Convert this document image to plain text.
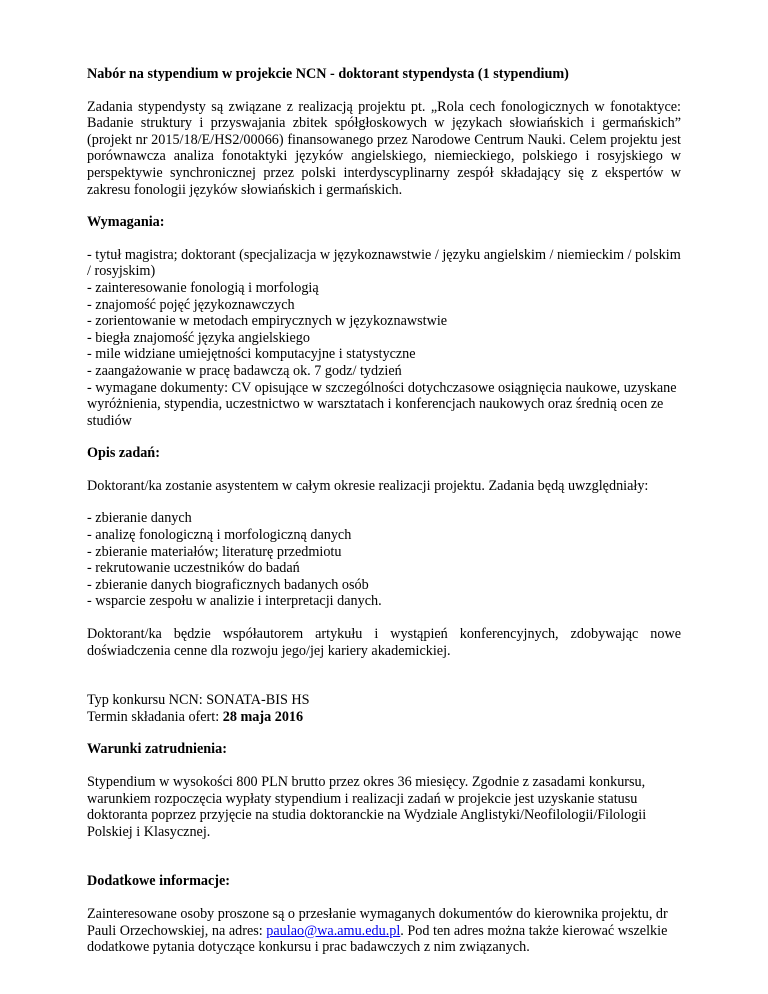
Nabór na stypendium w projekcie NCN - doktorant stypendysta (1 stypendium)

Zadania stypendysty są związane z realizacją projektu pt. „Rola cech fonologicznych w fonotaktyce: Badanie struktury i przyswajania zbitek spółgłoskowych w językach słowiańskich i germańskich” (projekt nr 2015/18/E/HS2/00066) finansowanego przez Narodowe Centrum Nauki. Celem projektu jest porównawcza analiza fonotaktyki języków angielskiego, niemieckiego, polskiego i rosyjskiego w perspektywie synchronicznej przez polski interdyscyplinarny zespół składający się z ekspertów w zakresu fonologii języków słowiańskich i germańskich.

Wymagania:

- tytuł magistra; doktorant (specjalizacja w językoznawstwie / języku angielskim / niemieckim / polskim / rosyjskim)

- zainteresowanie fonologią i morfologią

- znajomość pojęć językoznawczych

- zorientowanie w metodach empirycznych w językoznawstwie

- biegła znajomość języka angielskiego

- mile widziane umiejętności komputacyjne i statystyczne

- zaangażowanie w pracę badawczą ok. 7 godz/ tydzień

- wymagane dokumenty: CV opisujące w szczególności dotychczasowe osiągnięcia naukowe, uzyskane wyróżnienia, stypendia, uczestnictwo w warsztatach i konferencjach naukowych oraz średnią ocen ze studiów

Opis zadań:

Doktorant/ka zostanie asystentem w całym okresie realizacji projektu. Zadania będą uwzględniały:

- zbieranie danych

- analizę fonologiczną i morfologiczną danych

- zbieranie materiałów; literaturę przedmiotu

- rekrutowanie uczestników do badań

- zbieranie danych biograficznych badanych osób

- wsparcie zespołu w analizie i interpretacji danych.

Doktorant/ka będzie współautorem artykułu i wystąpień konferencyjnych, zdobywając nowe doświadczenia cenne dla rozwoju jego/jej kariery akademickiej.

Typ konkursu NCN: SONATA-BIS HS

Termin składania ofert: 28 maja 2016

Warunki zatrudnienia:

Stypendium w wysokości 800 PLN brutto przez okres 36 miesięcy. Zgodnie z zasadami konkursu, warunkiem rozpoczęcia wypłaty stypendium i realizacji zadań w projekcie jest uzyskanie statusu doktoranta poprzez przyjęcie na studia doktoranckie na Wydziale Anglistyki/Neofilologii/Filologii Polskiej i Klasycznej.

Dodatkowe informacje:

Zainteresowane osoby proszone są o przesłanie wymaganych dokumentów do kierownika projektu, dr Pauli Orzechowskiej, na adres: paulao@wa.amu.edu.pl. Pod ten adres można także kierować wszelkie dodatkowe pytania dotyczące konkursu i prac badawczych z nim związanych.
